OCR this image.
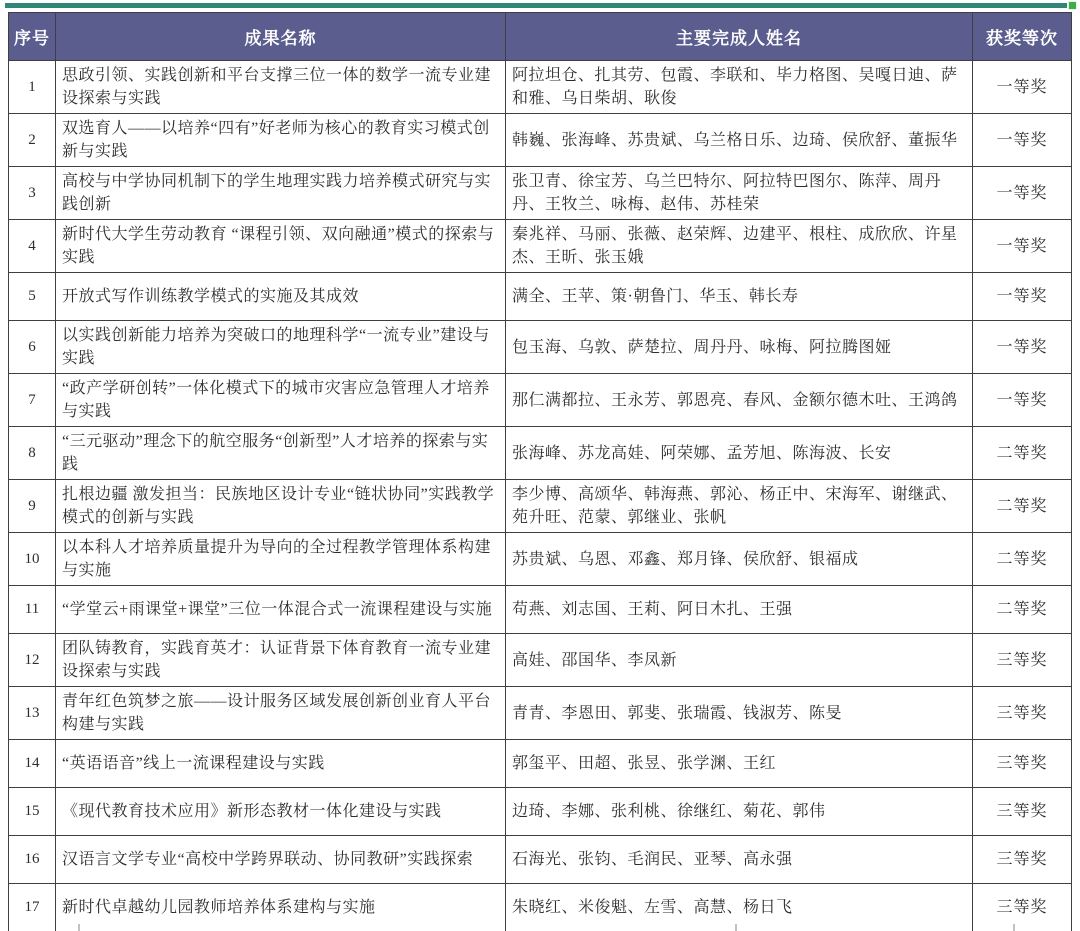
序号	成果名称	主要完成人姓名	获奖等次
1	思政引领、实践创新和平台支撑三位一体的数学一流专业建设探索与实践	阿拉坦仓、扎其劳、包霞、李联和、毕力格图、吴嘎日迪、萨和雅、乌日柴胡、耿俊	一等奖
2	双选育人——以培养“四有”好老师为核心的教育实习模式创新与实践	韩巍、张海峰、苏贵斌、乌兰格日乐、边琦、侯欣舒、董振华	一等奖
3	高校与中学协同机制下的学生地理实践力培养模式研究与实践创新	张卫青、徐宝芳、乌兰巴特尔、阿拉特巴图尔、陈萍、周丹丹、王牧兰、咏梅、赵伟、苏桂荣	一等奖
4	新时代大学生劳动教育 “课程引领、双向融通”模式的探索与实践	秦兆祥、马丽、张薇、赵荣辉、边建平、根柱、成欣欣、许星杰、王昕、张玉娥	一等奖
5	开放式写作训练教学模式的实施及其成效	满全、王苹、策·朝鲁门、华玉、韩长寿	一等奖
6	以实践创新能力培养为突破口的地理科学“一流专业”建设与实践	包玉海、乌敦、萨楚拉、周丹丹、咏梅、阿拉腾图娅	一等奖
7	“政产学研创转”一体化模式下的城市灾害应急管理人才培养与实践	那仁满都拉、王永芳、郭恩亮、春风、金额尔德木吐、王鸿鸽	一等奖
8	“三元驱动”理念下的航空服务“创新型”人才培养的探索与实践	张海峰、苏龙高娃、阿荣娜、孟芳旭、陈海波、长安	二等奖
9	扎根边疆 激发担当：民族地区设计专业“链状协同”实践教学模式的创新与实践	李少博、高颂华、韩海燕、郭沁、杨正中、宋海军、谢继武、苑升旺、范蒙、郭继业、张帆	二等奖
10	以本科人才培养质量提升为导向的全过程教学管理体系构建与实施	苏贵斌、乌恩、邓鑫、郑月锋、侯欣舒、银福成	二等奖
11	“学堂云+雨课堂+课堂”三位一体混合式一流课程建设与实施	苟燕、刘志国、王莉、阿日木扎、王强	二等奖
12	团队铸教育，实践育英才：认证背景下体育教育一流专业建设探索与实践	高娃、邵国华、李凤新	三等奖
13	青年红色筑梦之旅——设计服务区域发展创新创业育人平台构建与实践	青青、李恩田、郭斐、张瑞霞、钱淑芳、陈旻	三等奖
14	“英语语音”线上一流课程建设与实践	郭玺平、田超、张昱、张学渊、王红	三等奖
15	《现代教育技术应用》新形态教材一体化建设与实践	边琦、李娜、张利桃、徐继红、菊花、郭伟	三等奖
16	汉语言文学专业“高校中学跨界联动、协同教研”实践探索	石海光、张钧、毛润民、亚琴、高永强	三等奖
17	新时代卓越幼儿园教师培养体系建构与实施	朱晓红、米俊魁、左雪、高慧、杨日飞	三等奖
